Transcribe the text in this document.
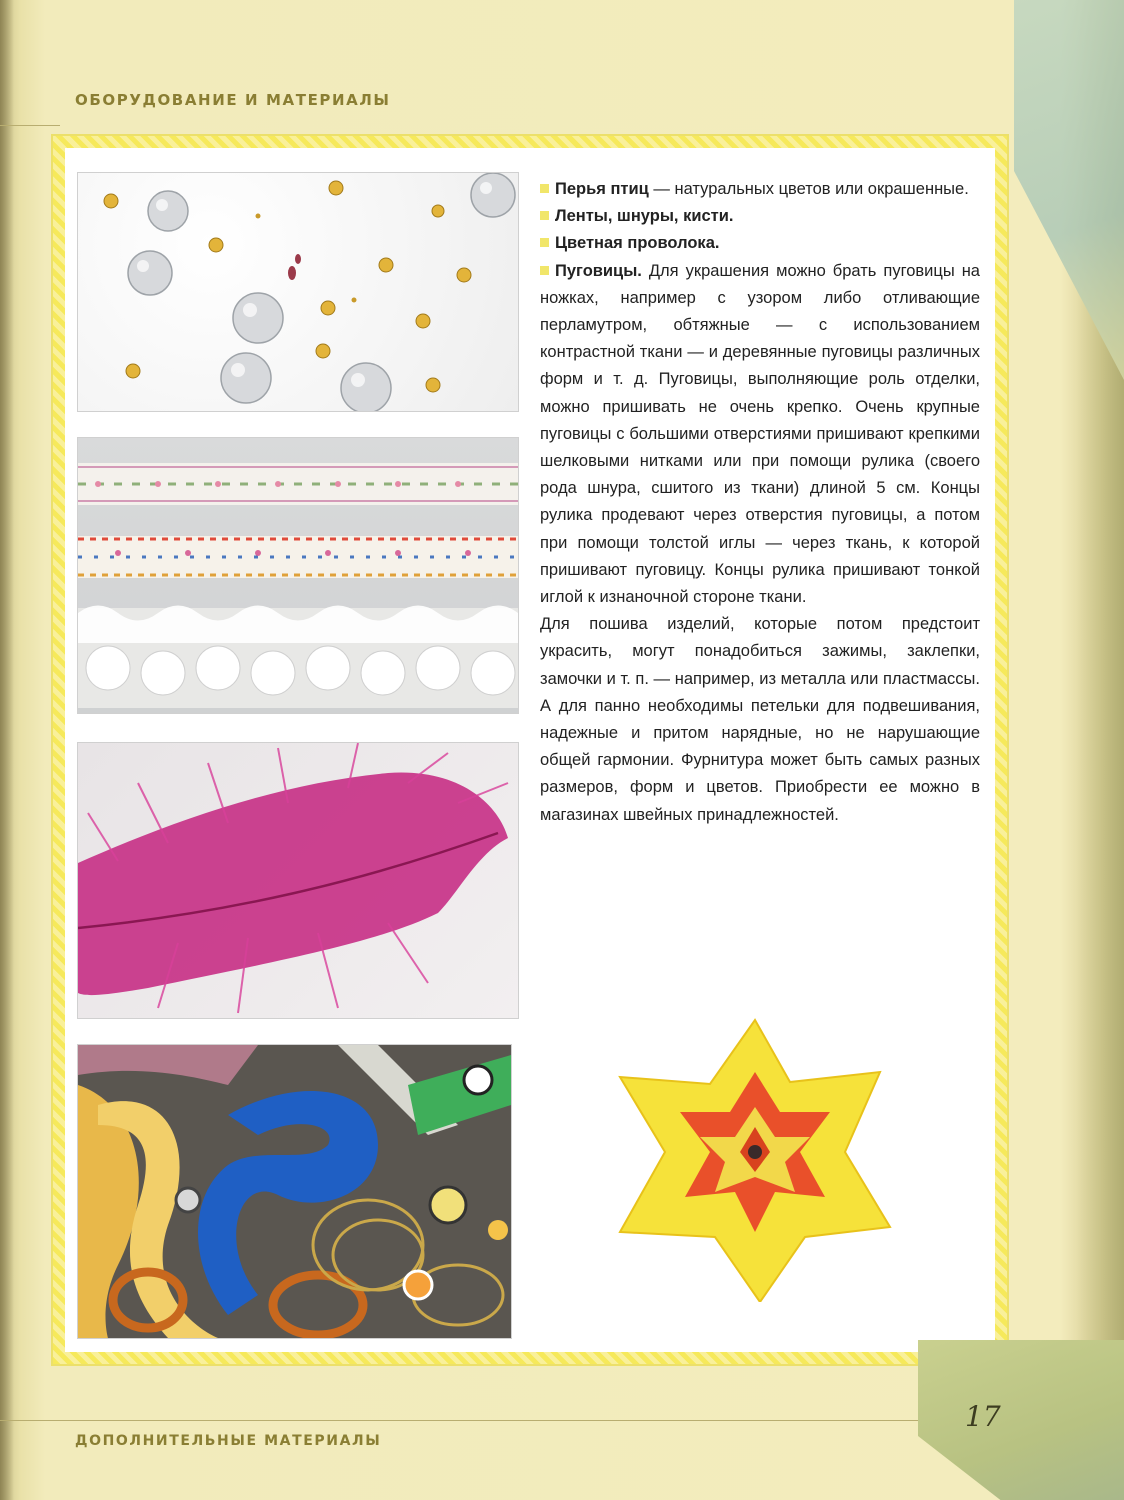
ОБОРУДОВАНИЕ И МАТЕРИАЛЫ

Перья птиц — натуральных цветов или окрашенные.

Ленты, шнуры, кисти.

Цветная проволока.

Пуговицы. Для украшения можно брать пуговицы на ножках, например с узором либо отливающие перламутром, обтяжные — с использованием контрастной ткани — и деревянные пуговицы различных форм и т. д. Пуговицы, выполняющие роль отделки, можно пришивать не очень крепко. Очень крупные пуговицы с большими отверстиями пришивают крепкими шелковыми нитками или при помощи рулика (своего рода шнура, сшитого из ткани) длиной 5 см. Концы рулика продевают через отверстия пуговицы, а потом при помощи толстой иглы — через ткань, к которой пришивают пуговицу. Концы рулика пришивают тонкой иглой к изнаночной стороне ткани.

Для пошива изделий, которые потом предстоит украсить, могут понадобиться зажимы, заклепки, замочки и т. п. — например, из металла или пластмассы. А для панно необходимы петельки для подвешивания, надежные и притом нарядные, но не нарушающие общей гармонии. Фурнитура может быть самых разных размеров, форм и цветов. Приобрести ее можно в магазинах швейных принадлежностей.

ДОПОЛНИТЕЛЬНЫЕ МАТЕРИАЛЫ
17
